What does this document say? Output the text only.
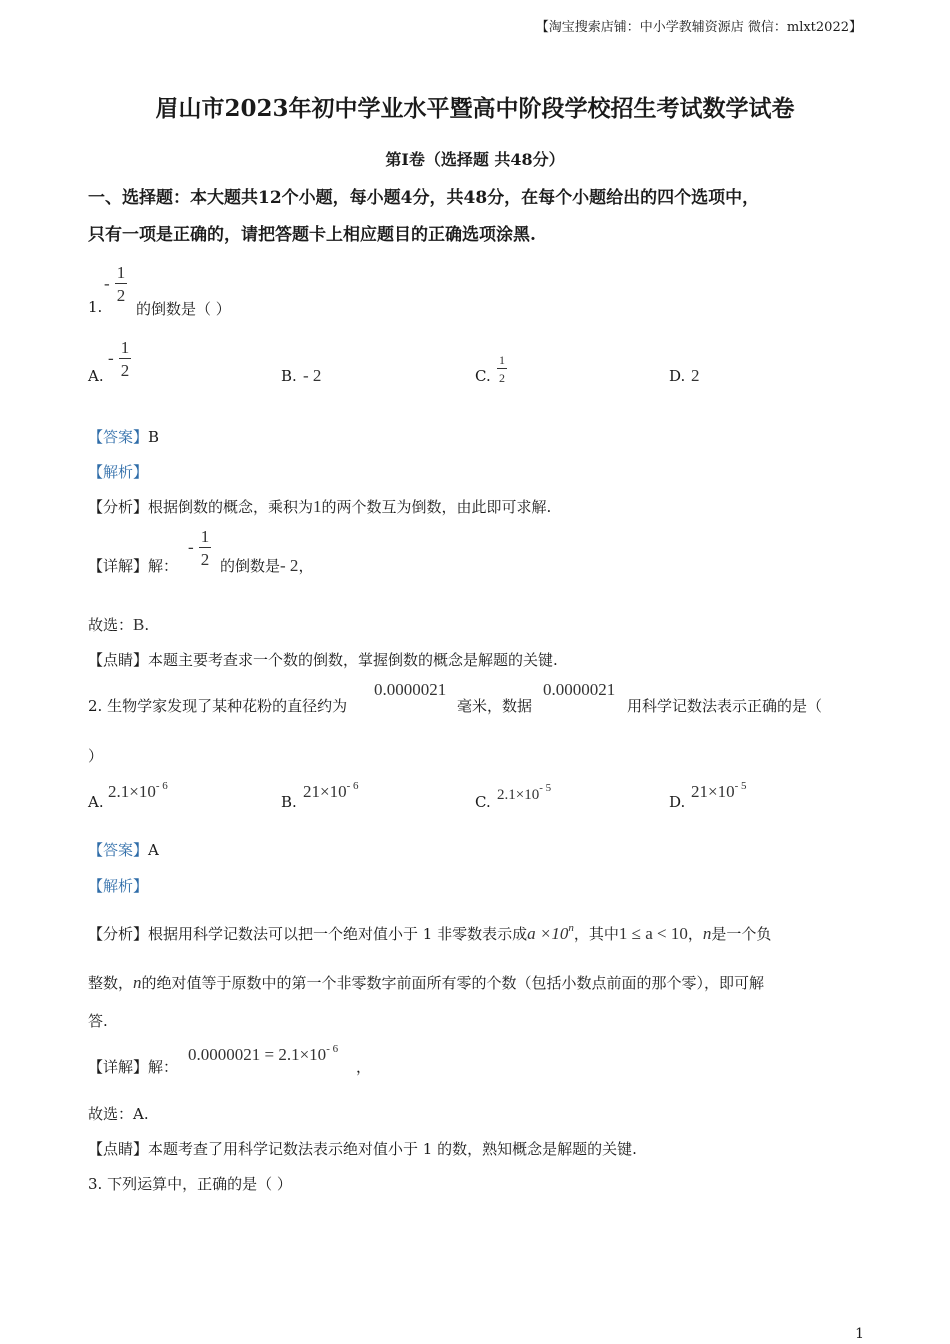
【淘宝搜索店铺：中小学教辅资源店 微信：mlxt2022】
眉山市2023年初中学业水平暨高中阶段学校招生考试数学试卷
第Ⅰ卷（选择题 共48分）
一、选择题：本大题共12个小题，每小题4分，共48分，在每个小题给出的四个选项中，
只有一项是正确的，请把答题卡上相应题目的正确选项涂黑.
1.
- $\frac{1}{2}$
的倒数是（ ）
A.
- $\frac{1}{2}$	B. - 2	C. $\frac{1}{2}$	D. 2
【答案】B
【解析】
【分析】根据倒数的概念，乘积为1的两个数互为倒数，由此即可求解.
【详解】解：
- $\frac{1}{2}$ 的倒数是- 2，
故选：B.
【点睛】本题主要考查求一个数的倒数，掌握倒数的概念是解题的关键.
2. 生物学家发现了某种花粉的直径约为
0.0000021
毫米，数据
0.0000021
用科学记数法表示正确的是（
）
A.
$2.1\times 10^{- 6}$
B.
$21\times 10^{- 6}$
C. $2.1\times 10^{- 5}$
D.
$21\times 10^{- 5}$
【答案】A
【解析】
【分析】根据用科学记数法可以把一个绝对值小于 1 非零数表示成$a \times 10^n$，其中1 ≤ a < 10，n是一个负
整数，n的绝对值等于原数中的第一个非零数字前面所有零的个数（包括小数点前面的那个零），即可解
答.
【详解】解：
$0.0000021 = 2.1\times 10^{- 6}$
，
故选：A.
【点睛】本题考查了用科学记数法表示绝对值小于 1 的数，熟知概念是解题的关键.
3. 下列运算中，正确的是（ ）
1
